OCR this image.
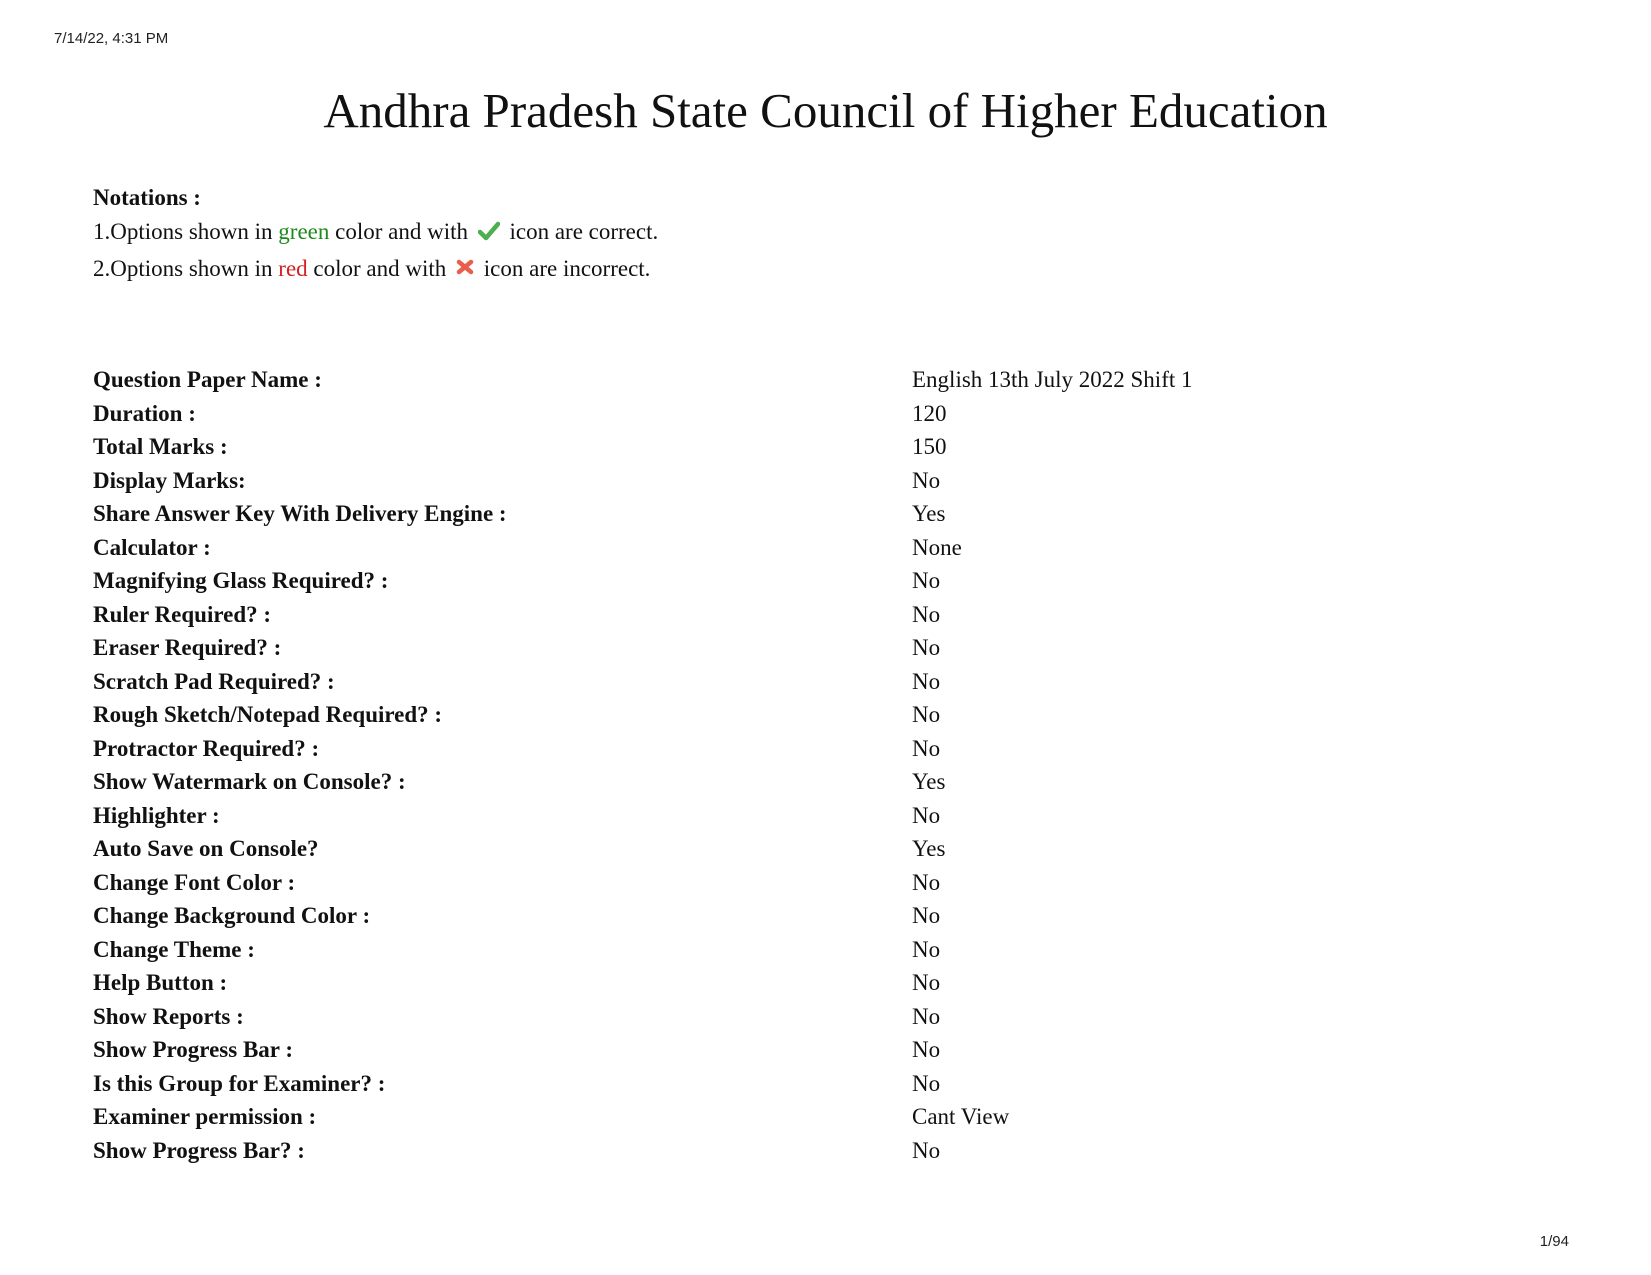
7/14/22, 4:31 PM
Andhra Pradesh State Council of Higher Education
Notations :
1.Options shown in green color and with  icon are correct.
2.Options shown in red color and with  icon are incorrect.
Question Paper Name :	English 13th July 2022 Shift 1
Duration :	120
Total Marks :	150
Display Marks:	No
Share Answer Key With Delivery Engine :	Yes
Calculator :	None
Magnifying Glass Required? :	No
Ruler Required? :	No
Eraser Required? :	No
Scratch Pad Required? :	No
Rough Sketch/Notepad Required? :	No
Protractor Required? :	No
Show Watermark on Console? :	Yes
Highlighter :	No
Auto Save on Console?	Yes
Change Font Color :	No
Change Background Color :	No
Change Theme :	No
Help Button :	No
Show Reports :	No
Show Progress Bar :	No
Is this Group for Examiner? :	No
Examiner permission :	Cant View
Show Progress Bar? :	No
1/94
